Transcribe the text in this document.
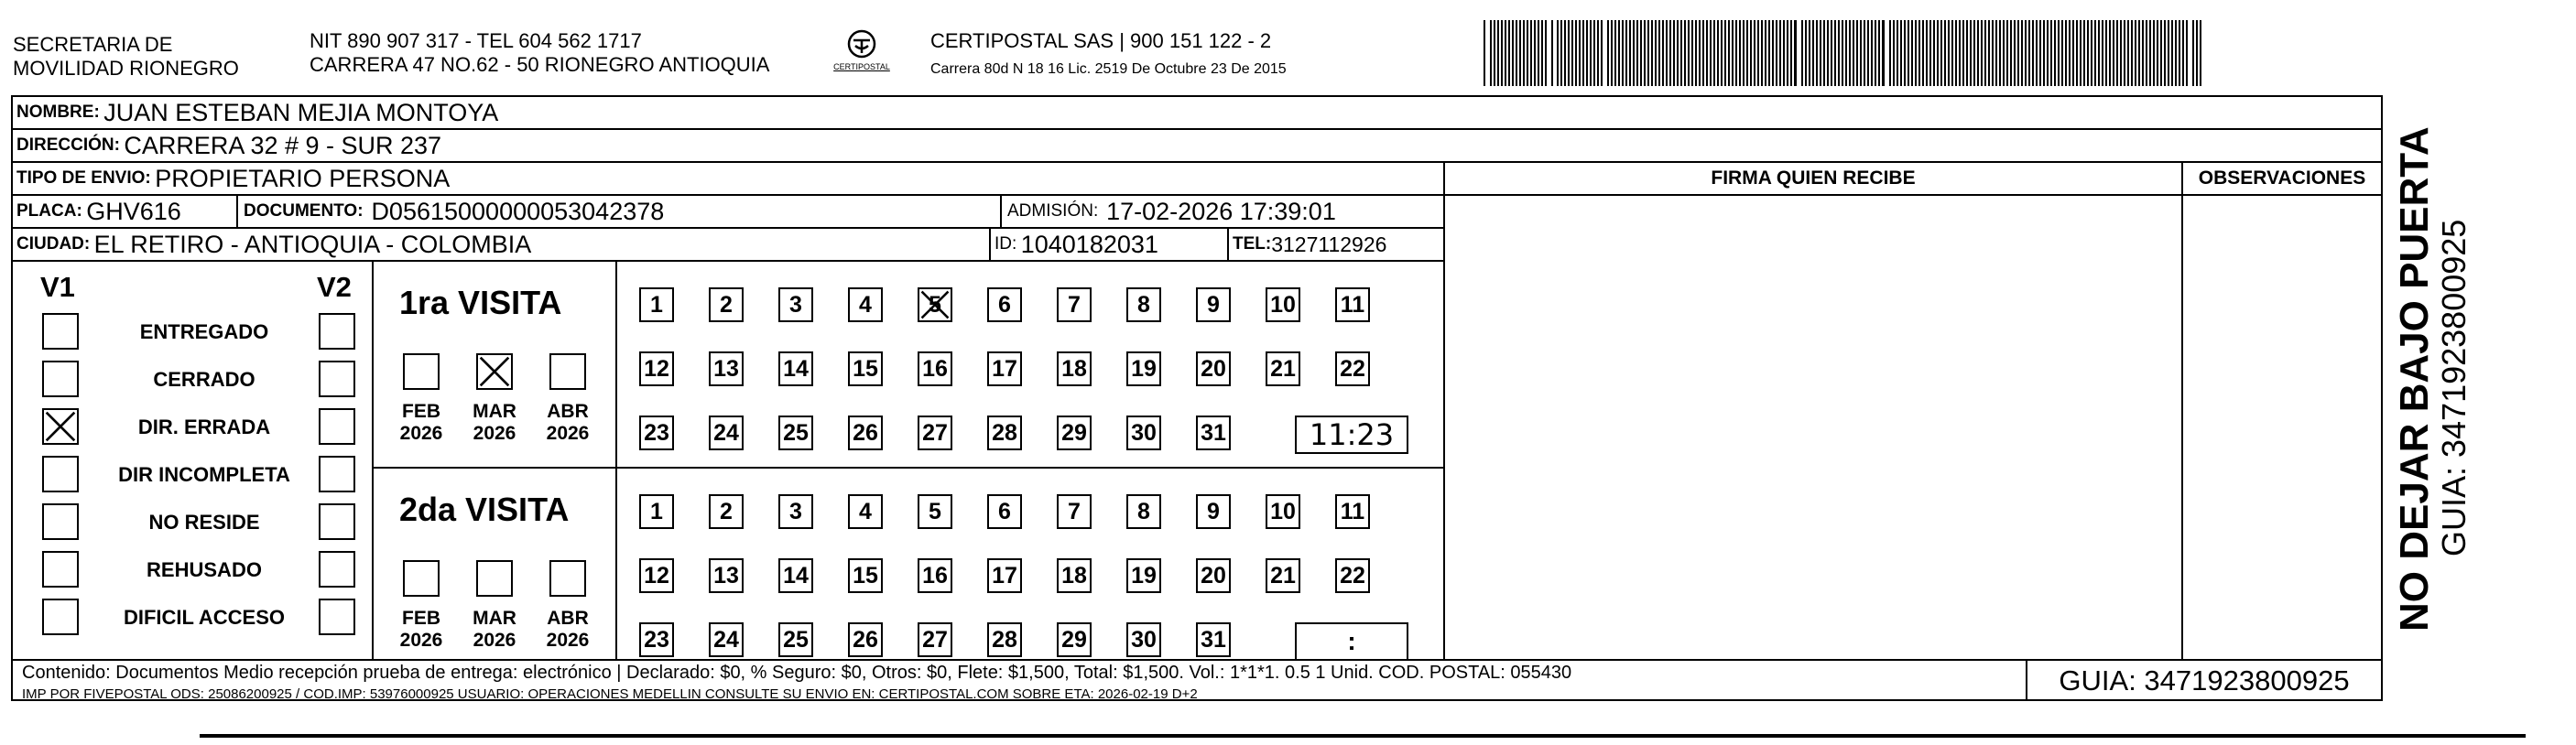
SECRETARIA DE
MOVILIDAD RIONEGRO
NIT 890 907 317 - TEL 604 562 1717
CARRERA 47 NO.62 - 50 RIONEGRO ANTIOQUIA	CERTIPOSTAL
CERTIPOSTAL SAS | 900 151 122 - 2
Carrera 80d N 18 16 Lic. 2519 De Octubre 23 De 2015
NOMBRE:
JUAN ESTEBAN MEJIA MONTOYA
DIRECCIÓN:
CARRERA 32 # 9 - SUR 237
TIPO DE ENVIO:
PROPIETARIO PERSONA	FIRMA QUIEN RECIBE	OBSERVACIONES
PLACA:
GHV616	DOCUMENTO:
D05615000000053042378	ADMISIÓN:
17-02-2026 17:39:01
CIUDAD:
EL RETIRO - ANTIOQUIA - COLOMBIA	ID:
1040182031	TEL: 3127112926
V1	V2
ENTREGADO
CERRADO
DIR. ERRADA
DIR INCOMPLETA
NO RESIDE
REHUSADO
DIFICIL ACCESO
1ra VISITA
FEB
2026
MAR
2026
ABR
2026
1	2	3	4	5	6	7	8	9	10 11
12 13 14 15 16 17 18 19 20 21 22
23 24 25 26 27 28 29 30 31	11:23
2da VISITA
FEB
2026
MAR
2026
ABR
2026
1	2	3	4	5	6	7	8	9	10 11
12 13 14 15 16 17 18 19 20 21 22
23 24 25 26 27 28 29 30 31	:
Contenido: Documentos Medio recepción prueba de entrega: electrónico | Declarado: $0, % Seguro: $0, Otros: $0, Flete: $1,500, Total: $1,500. Vol.: 1*1*1. 0.5 1 Unid. COD. POSTAL: 055430
IMP POR FIVEPOSTAL ODS: 25086200925 / COD.IMP: 53976000925 USUARIO: OPERACIONES MEDELLIN CONSULTE SU ENVIO EN: CERTIPOSTAL.COM SOBRE ETA: 2026-02-19 D+2	GUIA: 3471923800925
NO DEJAR BAJO PUERTA
GUIA: 3471923800925
